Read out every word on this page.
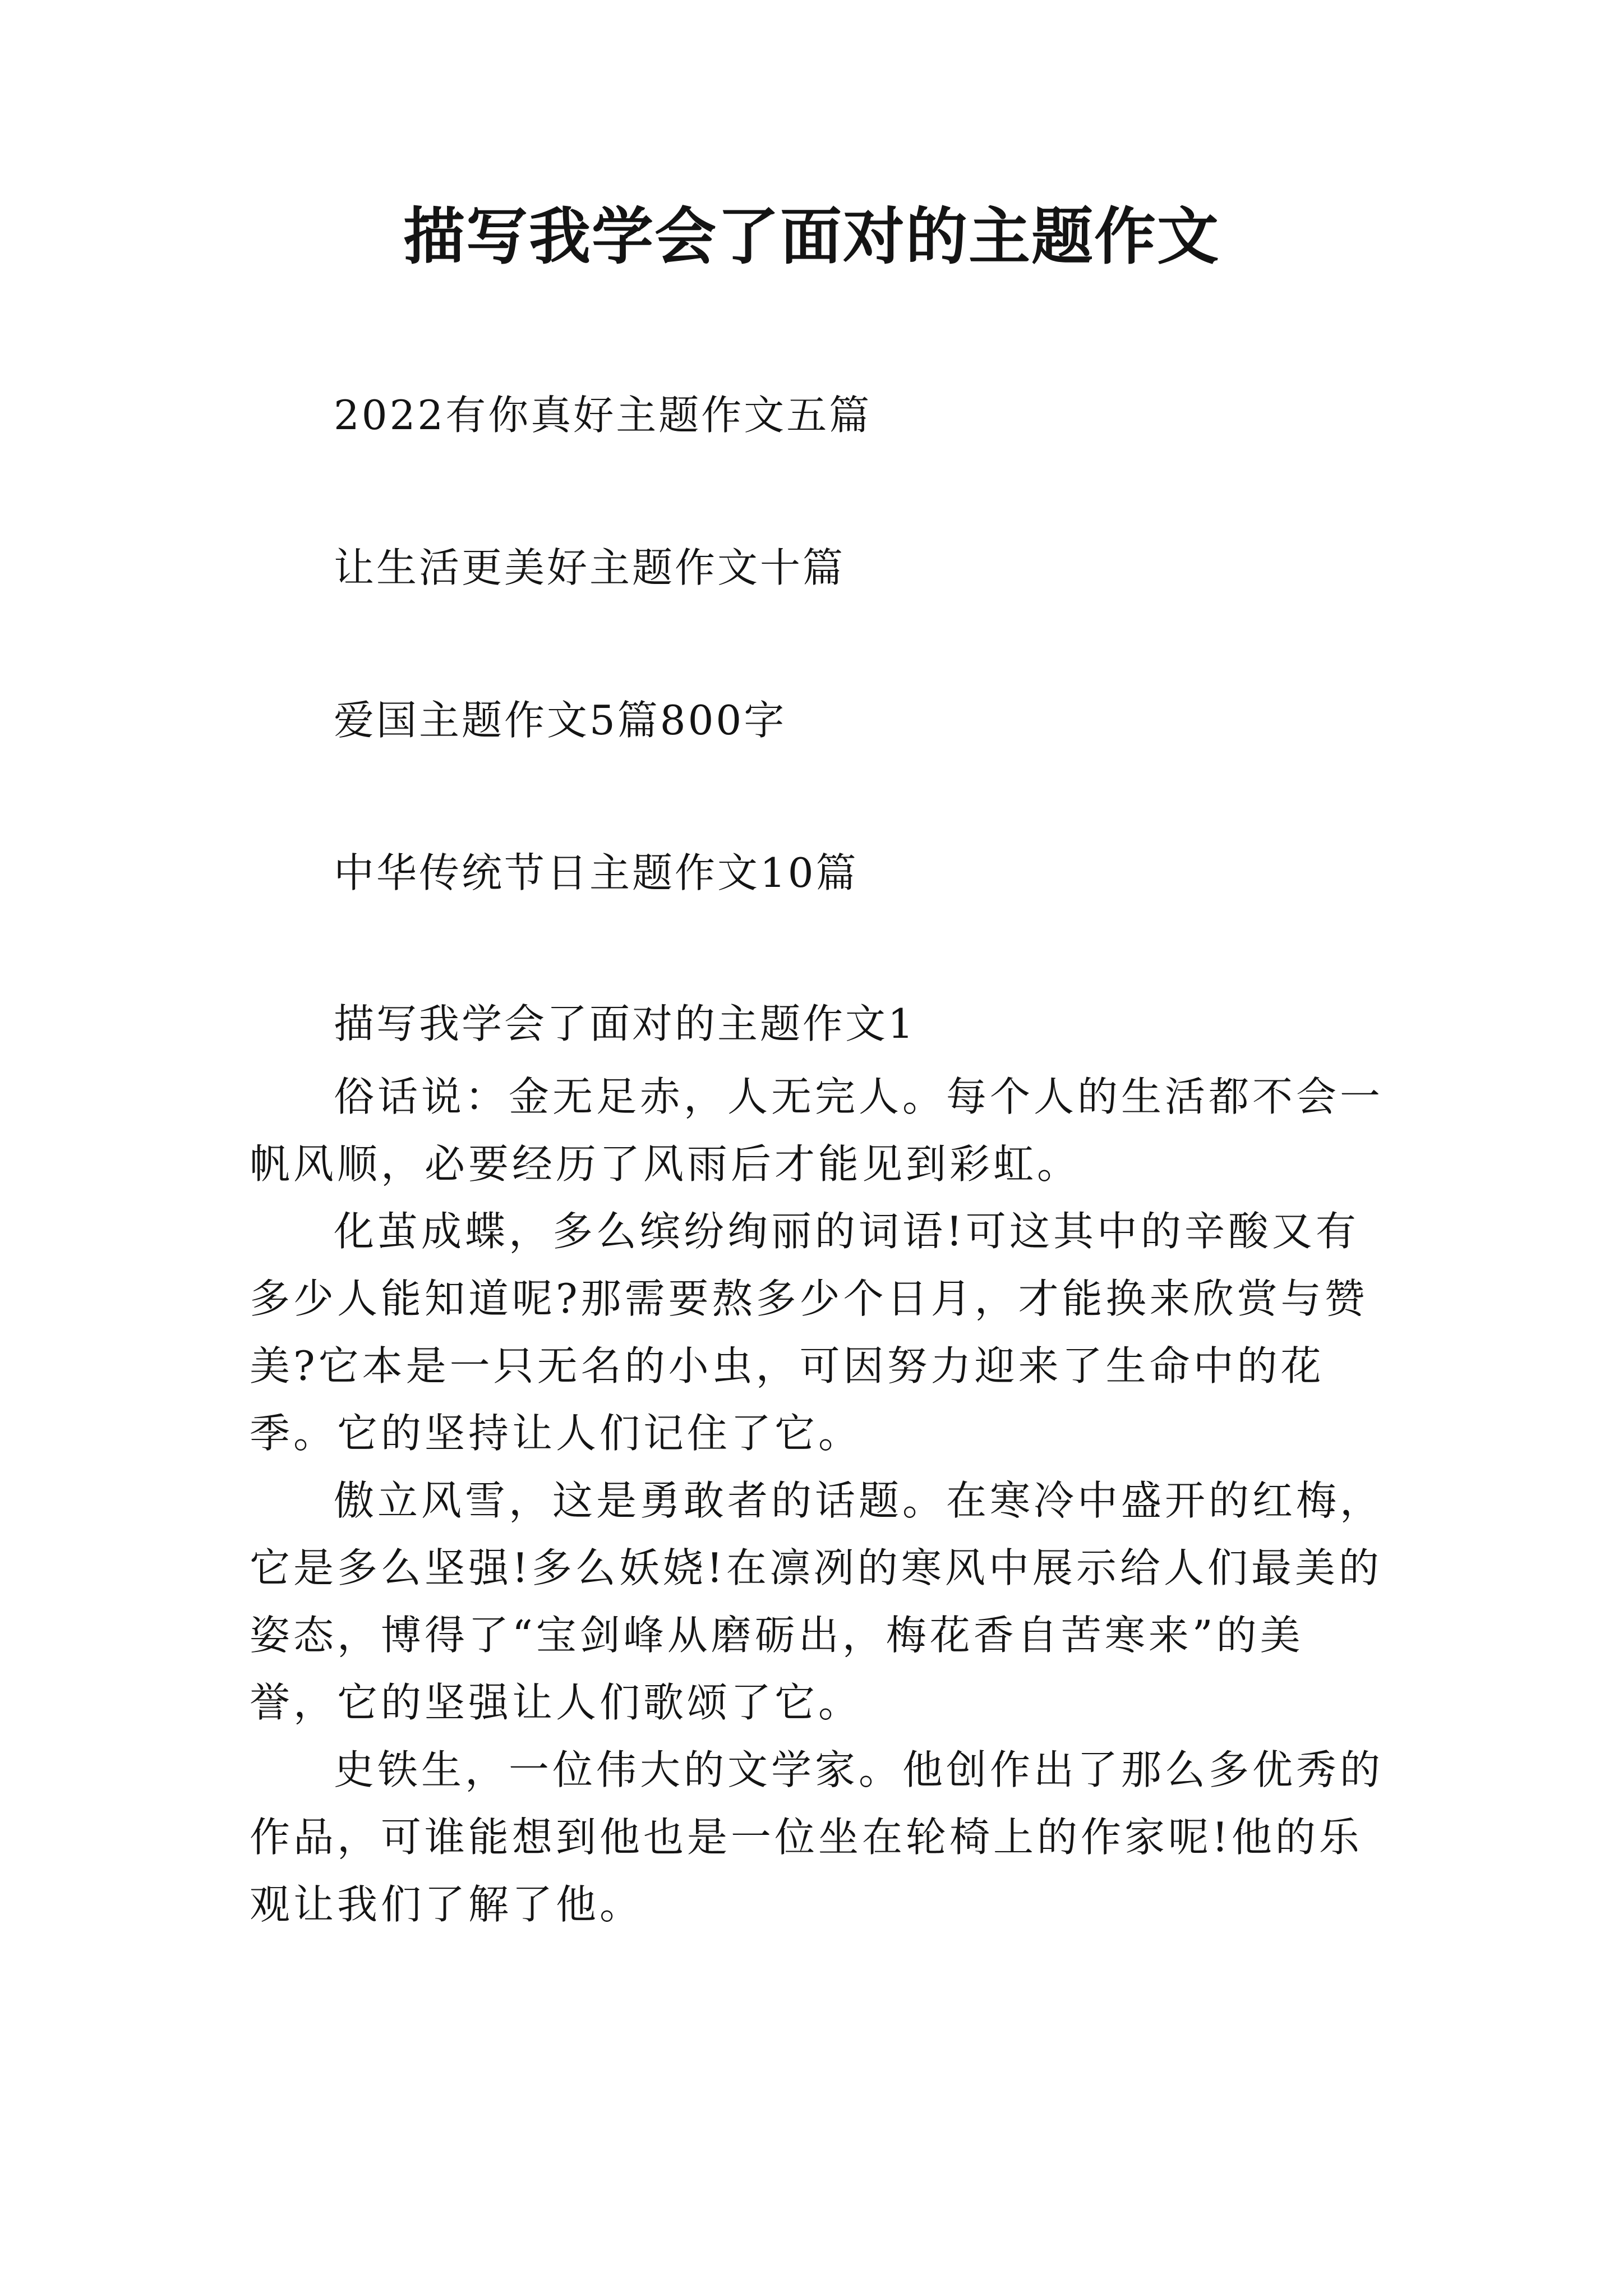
描写我学会了面对的主题作文
2022有你真好主题作文五篇
让生活更美好主题作文十篇
爱国主题作文5篇800字
中华传统节日主题作文10篇
描写我学会了面对的主题作文1

俗话说：金无足赤，人无完人。每个人的生活都不会一帆风顺，必要经历了风雨后才能见到彩虹。

化茧成蝶，多么缤纷绚丽的词语!可这其中的辛酸又有多少人能知道呢?那需要熬多少个日月，才能换来欣赏与赞美?它本是一只无名的小虫，可因努力迎来了生命中的花季。它的坚持让人们记住了它。

傲立风雪，这是勇敢者的话题。在寒冷中盛开的红梅，它是多么坚强!多么妖娆!在凛冽的寒风中展示给人们最美的姿态，博得了“宝剑峰从磨砺出，梅花香自苦寒来”的美誉，它的坚强让人们歌颂了它。

史铁生，一位伟大的文学家。他创作出了那么多优秀的作品，可谁能想到他也是一位坐在轮椅上的作家呢!他的乐观让我们了解了他。
